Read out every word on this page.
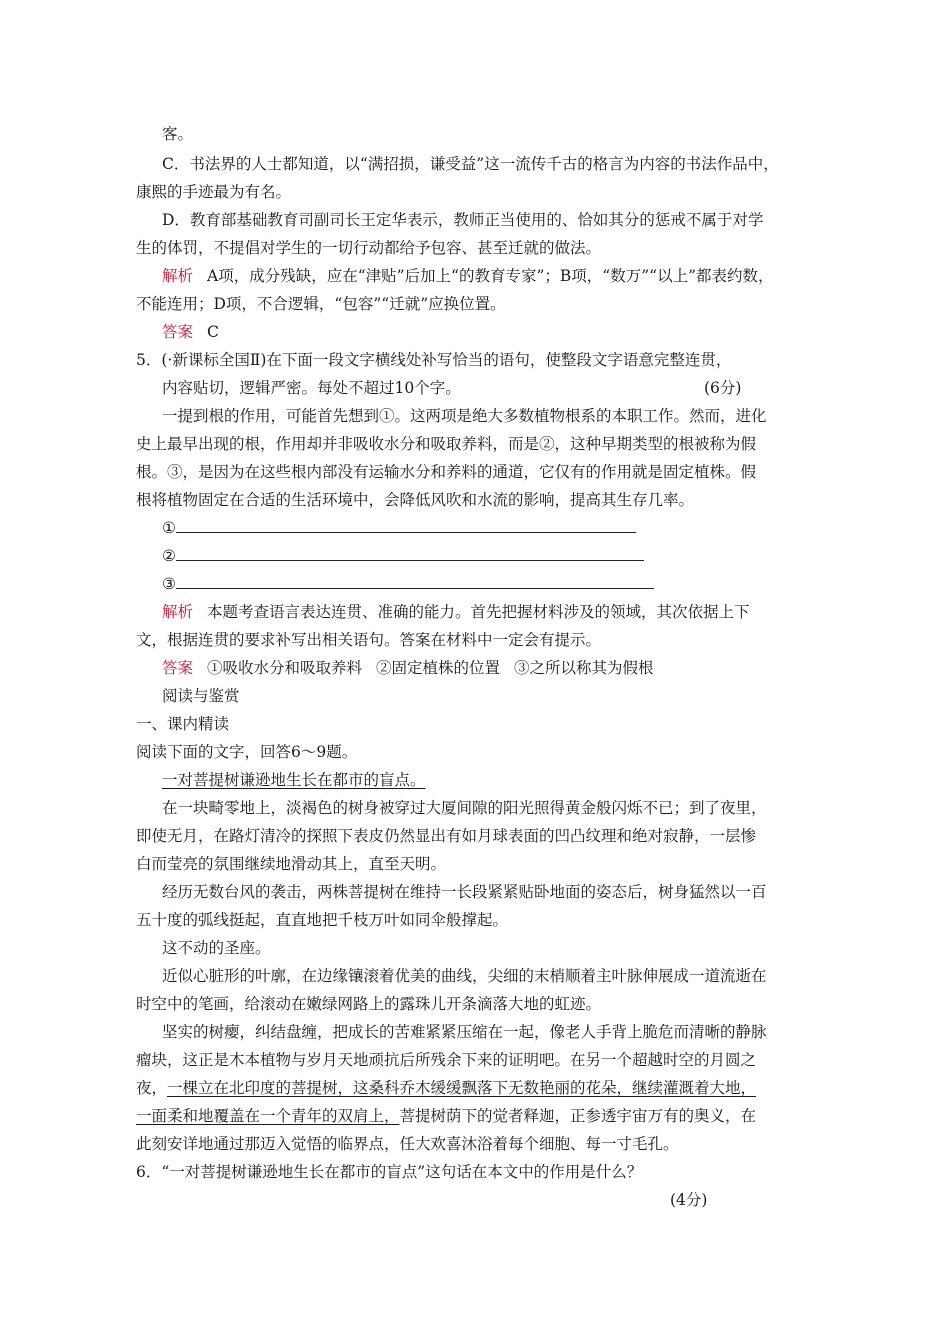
客。
C．书法界的人士都知道，以“满招损，谦受益”这一流传千古的格言为内容的书法作品中，
康熙的手迹最为有名。
D．教育部基础教育司副司长王定华表示，教师正当使用的、恰如其分的惩戒不属于对学
生的体罚，不提倡对学生的一切行动都给予包容、甚至迁就的做法。
解析 A项，成分残缺，应在“津贴”后加上“的教育专家”；B项，“数万”“以上”都表约数，
不能连用；D项，不合逻辑，“包容”“迁就”应换位置。
答案 C
5．(·新课标全国Ⅱ)在下面一段文字横线处补写恰当的语句，使整段文字语意完整连贯，
内容贴切，逻辑严密。每处不超过10个字。	(6分)
一提到根的作用，可能首先想到①。这两项是绝大多数植物根系的本职工作。然而，进化
史上最早出现的根，作用却并非吸收水分和吸取养料，而是②，这种早期类型的根被称为假
根。③，是因为在这些根内部没有运输水分和养料的通道，它仅有的作用就是固定植株。假
根将植物固定在合适的生活环境中，会降低风吹和水流的影响，提高其生存几率。
①
②
③
解析 本题考查语言表达连贯、准确的能力。首先把握材料涉及的领域，其次依据上下
文，根据连贯的要求补写出相关语句。答案在材料中一定会有提示。
答案 ①吸收水分和吸取养料 ②固定植株的位置 ③之所以称其为假根
阅读与鉴赏
一、课内精读
阅读下面的文字，回答6～9题。
一对菩提树谦逊地生长在都市的盲点。
在一块畸零地上，淡褐色的树身被穿过大厦间隙的阳光照得黄金般闪烁不已；到了夜里，
即使无月，在路灯清冷的探照下表皮仍然显出有如月球表面的凹凸纹理和绝对寂静，一层惨
白而莹亮的氛围继续地滑动其上，直至天明。
经历无数台风的袭击，两株菩提树在维持一长段紧紧贴卧地面的姿态后，树身猛然以一百
五十度的弧线挺起，直直地把千枝万叶如同伞般撑起。
这不动的圣座。
近似心脏形的叶廓，在边缘镶滚着优美的曲线，尖细的末梢顺着主叶脉伸展成一道流逝在
时空中的笔画，给滚动在嫩绿网路上的露珠儿开条滴落大地的虹迹。
坚实的树瘿，纠结盘缠，把成长的苦难紧紧压缩在一起，像老人手背上脆危而清晰的静脉
瘤块，这正是木本植物与岁月天地顽抗后所残余下来的证明吧。在另一个超越时空的月圆之
夜，一棵立在北印度的菩提树，这桑科乔木缓缓飘落下无数艳丽的花朵，继续灌溉着大地，
一面柔和地覆盖在一个青年的双肩上，菩提树荫下的觉者释迦，正参透宇宙万有的奥义，在
此刻安详地通过那迈入觉悟的临界点，任大欢喜沐浴着每个细胞、每一寸毛孔。
6．“一对菩提树谦逊地生长在都市的盲点”这句话在本文中的作用是什么？
(4分)
